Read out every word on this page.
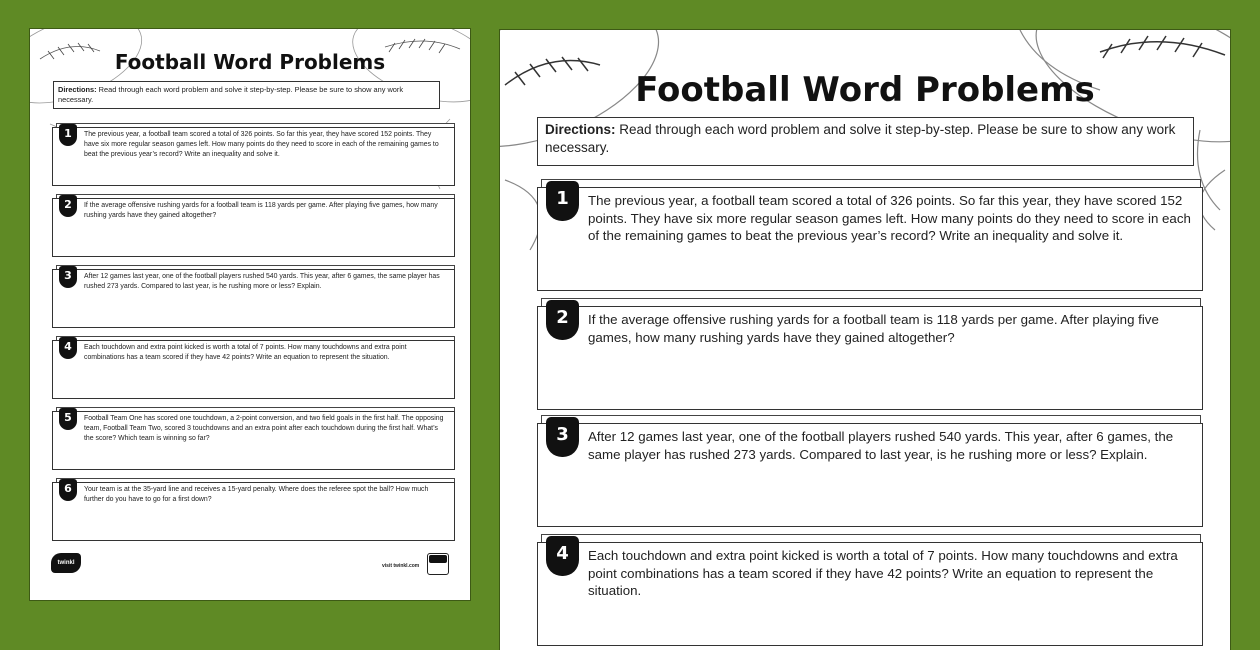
Football Word Problems
Directions: Read through each word problem and solve it step-by-step. Please be sure to show any work necessary.
1	The previous year, a football team scored a total of 326 points. So far this year, they have scored 152 points. They have six more regular season games left. How many points do they need to score in each of the remaining games to beat the previous year’s record? Write an inequality and solve it.
2	If the average offensive rushing yards for a football team is 118 yards per game. After playing five games, how many rushing yards have they gained altogether?
3	After 12 games last year, one of the football players rushed 540 yards. This year, after 6 games, the same player has rushed 273 yards. Compared to last year, is he rushing more or less? Explain.
4	Each touchdown and extra point kicked is worth a total of 7 points. How many touchdowns and extra point combinations has a team scored if they have 42 points? Write an equation to represent the situation.
5	Football Team One has scored one touchdown, a 2-point conversion, and two field goals in the first half. The opposing team, Football Team Two, scored 3 touchdowns and an extra point after each touchdown during the first half. What’s the score? Which team is winning so far?
6	Your team is at the 35-yard line and receives a 15-yard penalty. Where does the referee spot the ball? How much further do you have to go for a first down?
twinkl	visit twinkl.com
Football Word Problems
Directions: Read through each word problem and solve it step-by-step. Please be sure to show any work necessary.
1	The previous year, a football team scored a total of 326 points. So far this year, they have scored 152 points. They have six more regular season games left. How many points do they need to score in each of the remaining games to beat the previous year’s record? Write an inequality and solve it.
2	If the average offensive rushing yards for a football team is 118 yards per game. After playing five games, how many rushing yards have they gained altogether?
3	After 12 games last year, one of the football players rushed 540 yards. This year, after 6 games, the same player has rushed 273 yards. Compared to last year, is he rushing more or less? Explain.
4	Each touchdown and extra point kicked is worth a total of 7 points. How many touchdowns and extra point combinations has a team scored if they have 42 points? Write an equation to represent the situation.
